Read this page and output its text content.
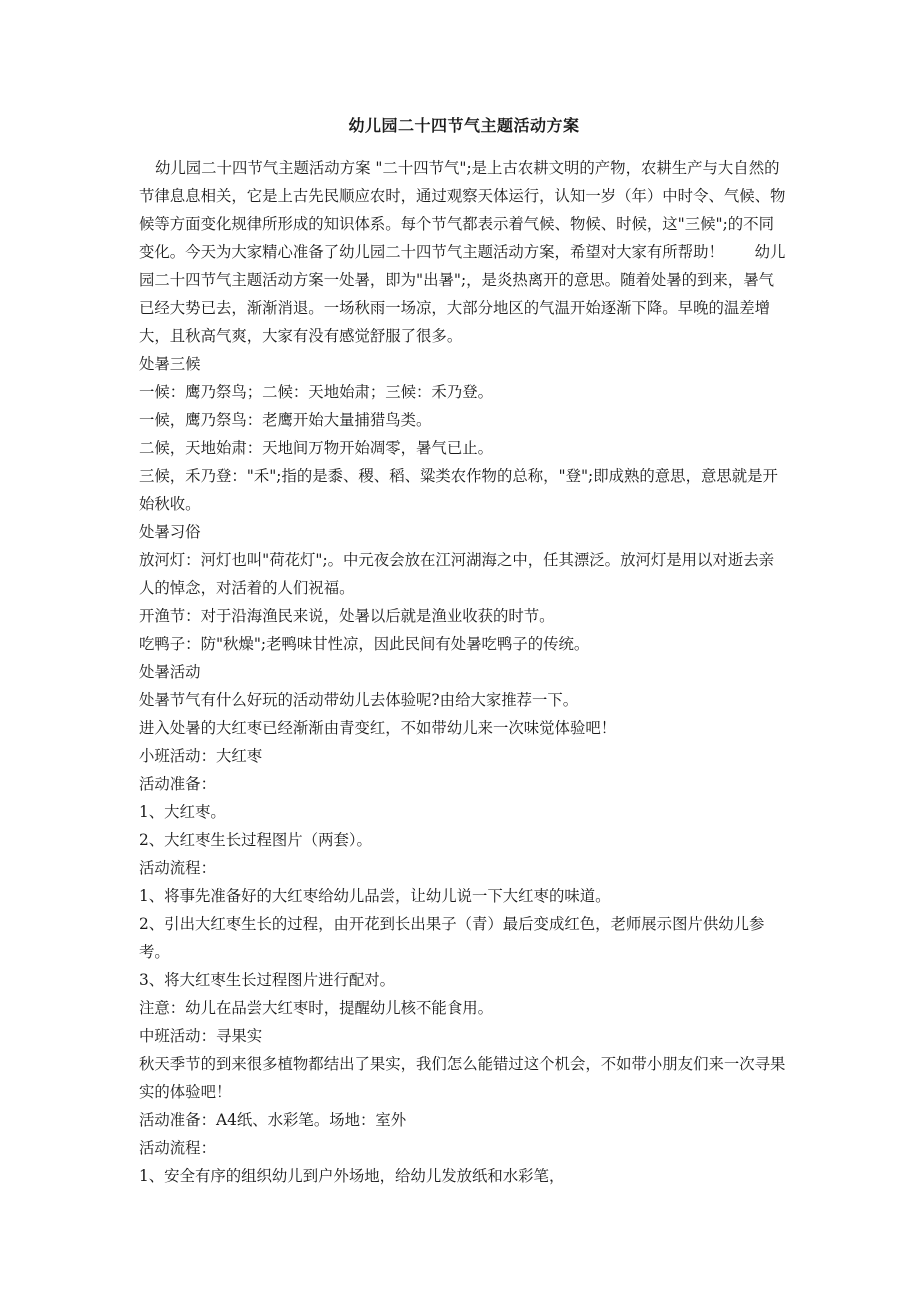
幼儿园二十四节气主题活动方案

幼儿园二十四节气主题活动方案 "二十四节气";是上古农耕文明的产物，农耕生产与大自然的节律息息相关，它是上古先民顺应农时，通过观察天体运行，认知一岁（年）中时令、气候、物候等方面变化规律所形成的知识体系。每个节气都表示着气候、物候、时候，这"三候";的不同变化。今天为大家精心准备了幼儿园二十四节气主题活动方案，希望对大家有所帮助！　　幼儿园二十四节气主题活动方案一处暑，即为"出暑";，是炎热离开的意思。随着处暑的到来，暑气已经大势已去，渐渐消退。一场秋雨一场凉，大部分地区的气温开始逐渐下降。早晚的温差增大，且秋高气爽，大家有没有感觉舒服了很多。

处暑三候

一候：鹰乃祭鸟；二候：天地始肃；三候：禾乃登。

一候，鹰乃祭鸟：老鹰开始大量捕猎鸟类。

二候，天地始肃：天地间万物开始凋零，暑气已止。

三候，禾乃登："禾";指的是黍、稷、稻、粱类农作物的总称，"登";即成熟的意思，意思就是开始秋收。

处暑习俗

放河灯：河灯也叫"荷花灯";。中元夜会放在江河湖海之中，任其漂泛。放河灯是用以对逝去亲人的悼念，对活着的人们祝福。

开渔节：对于沿海渔民来说，处暑以后就是渔业收获的时节。

吃鸭子：防"秋燥";老鸭味甘性凉，因此民间有处暑吃鸭子的传统。

处暑活动

处暑节气有什么好玩的活动带幼儿去体验呢?由给大家推荐一下。

进入处暑的大红枣已经渐渐由青变红，不如带幼儿来一次味觉体验吧！

小班活动：大红枣

活动准备：

1、大红枣。

2、大红枣生长过程图片（两套）。

活动流程：

1、将事先准备好的大红枣给幼儿品尝，让幼儿说一下大红枣的味道。

2、引出大红枣生长的过程，由开花到长出果子（青）最后变成红色，老师展示图片供幼儿参考。

3、将大红枣生长过程图片进行配对。

注意：幼儿在品尝大红枣时，提醒幼儿核不能食用。

中班活动：寻果实

秋天季节的到来很多植物都结出了果实，我们怎么能错过这个机会，不如带小朋友们来一次寻果实的体验吧！

活动准备：A4纸、水彩笔。场地：室外

活动流程：

1、安全有序的组织幼儿到户外场地，给幼儿发放纸和水彩笔，
